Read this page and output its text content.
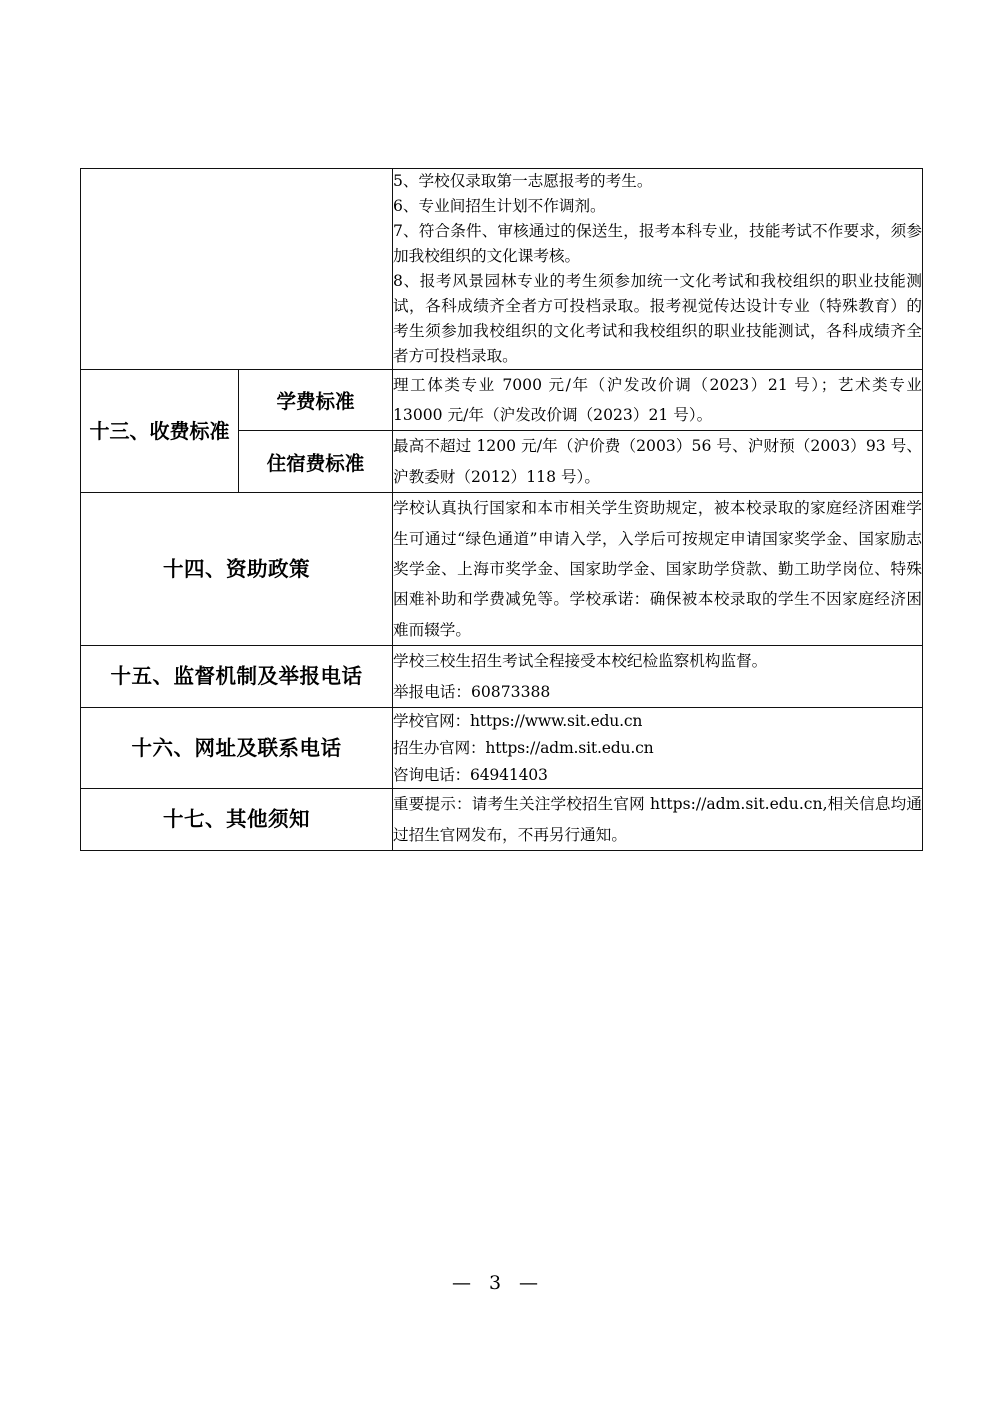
		5、学校仅录取第一志愿报考的考生。

6、专业间招生计划不作调剂。

7、符合条件、审核通过的保送生，报考本科专业，技能考试不作要求，须参加我校组织的文化课考核。

8、报考风景园林专业的考生须参加统一文化考试和我校组织的职业技能测试，各科成绩齐全者方可投档录取。报考视觉传达设计专业（特殊教育）的考生须参加我校组织的文化考试和我校组织的职业技能测试，各科成绩齐全者方可投档录取。

十三、收费标准	学费标准	理工体类专业 7000 元/年（沪发改价调（2023）21 号）；艺术类专业 13000 元/年（沪发改价调（2023）21 号）。

	住宿费标准	最高不超过 1200 元/年（沪价费（2003）56 号、沪财预（2003）93 号、沪教委财（2012）118 号）。

十四、资助政策		学校认真执行国家和本市相关学生资助规定，被本校录取的家庭经济困难学生可通过“绿色通道”申请入学，入学后可按规定申请国家奖学金、国家励志奖学金、上海市奖学金、国家助学金、国家助学贷款、勤工助学岗位、特殊困难补助和学费减免等。学校承诺：确保被本校录取的学生不因家庭经济困难而辍学。

十五、监督机制及举报电话		学校三校生招生考试全程接受本校纪检监察机构监督。

举报电话：60873388

十六、网址及联系电话		学校官网：https://www.sit.edu.cn

招生办官网：https://adm.sit.edu.cn

咨询电话：64941403

十七、其他须知		重要提示：请考生关注学校招生官网 https://adm.sit.edu.cn,相关信息均通过招生官网发布，不再另行通知。

— 3 —
